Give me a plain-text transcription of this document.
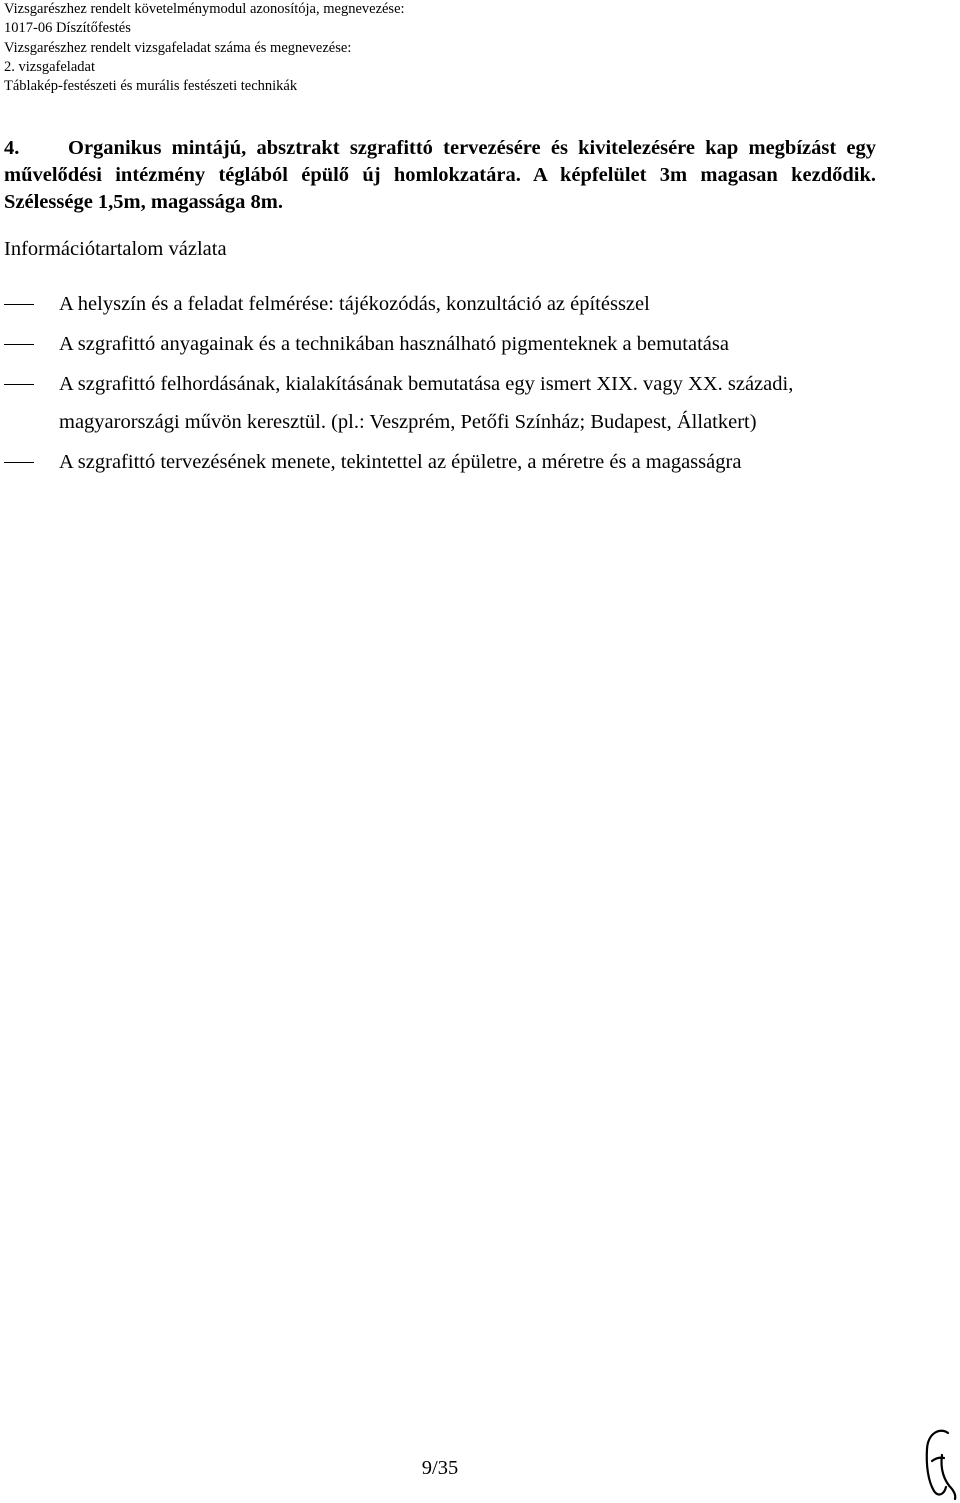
Vizsgarészhez rendelt követelménymodul azonosítója, megnevezése:
1017-06 Díszítőfestés
Vizsgarészhez rendelt vizsgafeladat száma és megnevezése:
2. vizsgafeladat
Táblakép-festészeti és murális festészeti technikák

4. Organikus mintájú, absztrakt szgrafittó tervezésére és kivitelezésére kap megbízást egy művelődési intézmény téglából épülő új homlokzatára. A képfelület 3m magasan kezdődik. Szélessége 1,5m, magassága 8m.

Információtartalom vázlata
A helyszín és a feladat felmérése: tájékozódás, konzultáció az építésszel
A szgrafittó anyagainak és a technikában használható pigmenteknek a bemutatása
A szgrafittó felhordásának, kialakításának bemutatása egy ismert XIX. vagy XX. századi, magyarországi művön keresztül. (pl.: Veszprém, Petőfi Színház; Budapest, Állatkert)
A szgrafittó tervezésének menete, tekintettel az épületre, a méretre és a magasságra
9/35
